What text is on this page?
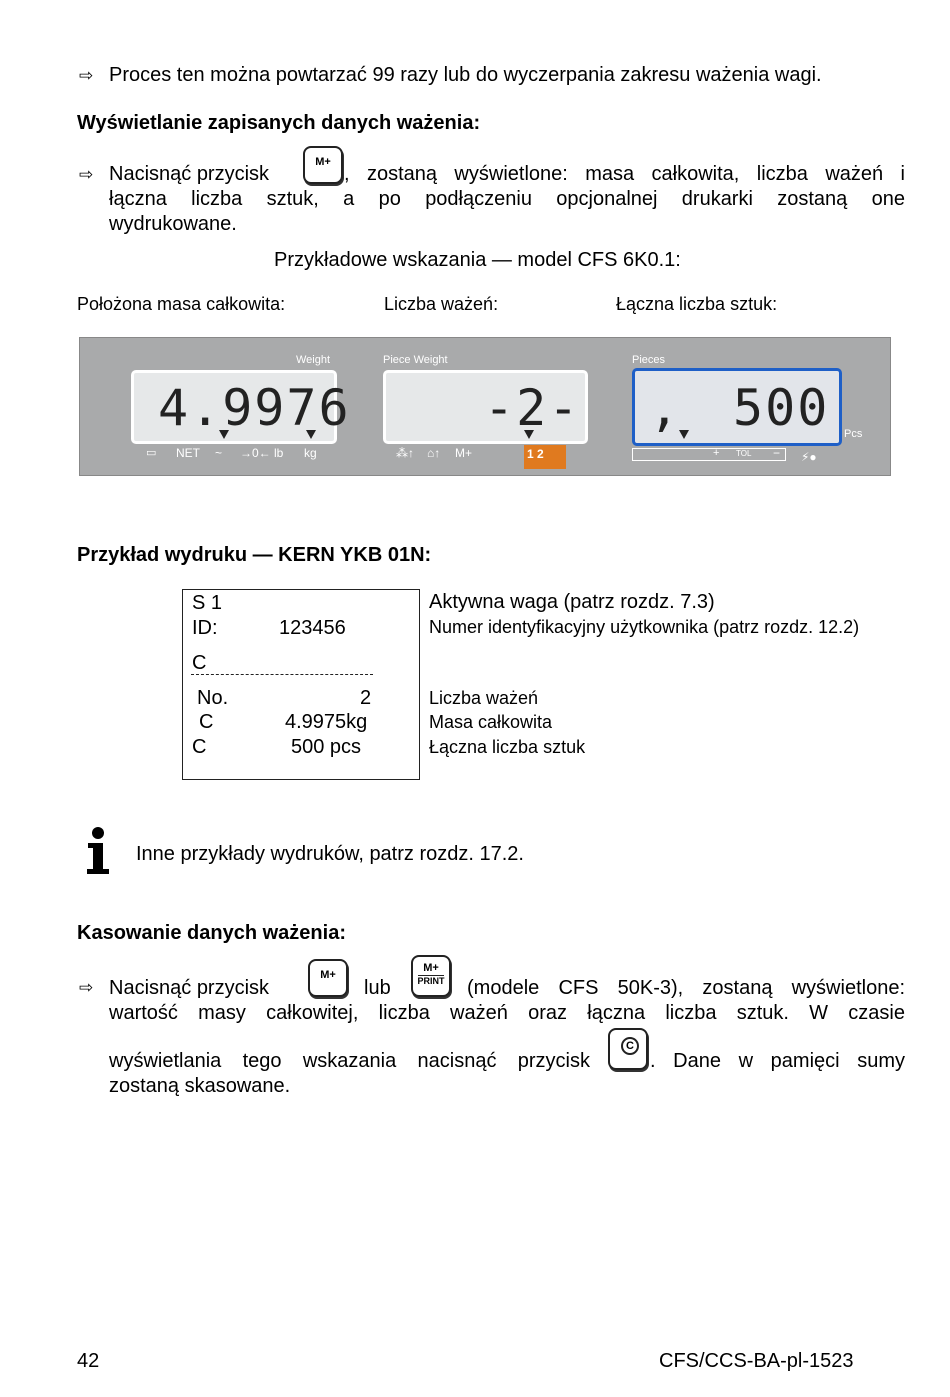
⇨ Proces ten można powtarzać 99 razy lub do wyczerpania zakresu ważenia wagi.
Wyświetlanie zapisanych danych ważenia:
⇨ Nacisnąć przycisk
M+
, zostaną wyświetlone: masa całkowita, liczba ważeń i
łączna liczba sztuk, a po podłączeniu opcjonalnej drukarki zostaną one
wydrukowane.
Przykładowe wskazania — model CFS 6K0.1:
Położona masa całkowita:	Liczba ważeń:	Łączna liczba sztuk:
Weight	Piece Weight	Pieces
4.9976	-2- , 500 Pcs
▭ NET ~ →0← lb kg	⁂↑ ⌂↑ M+	1 2	+ TOL − ⚡●
Przykład wydruku — KERN YKB 01N:
S 1
ID:	123456
C
No.	2
C	4.9975kg
C	500 pcs
Aktywna waga (patrz rozdz. 7.3)
Numer identyfikacyjny użytkownika (patrz rozdz. 12.2)
Liczba ważeń
Masa całkowita
Łączna liczba sztuk
Inne przykłady wydruków, patrz rozdz. 17.2.
Kasowanie danych ważenia:
⇨ Nacisnąć przycisk
M+
lub
M+
PRINT (modele CFS 50K-3), zostaną wyświetlone:
wartość masy całkowitej, liczba ważeń oraz łączna liczba sztuk. W czasie
wyświetlania tego wskazania nacisnąć przycisk
C
. Dane w pamięci sumy
zostaną skasowane.
42	CFS/CCS-BA-pl-1523
